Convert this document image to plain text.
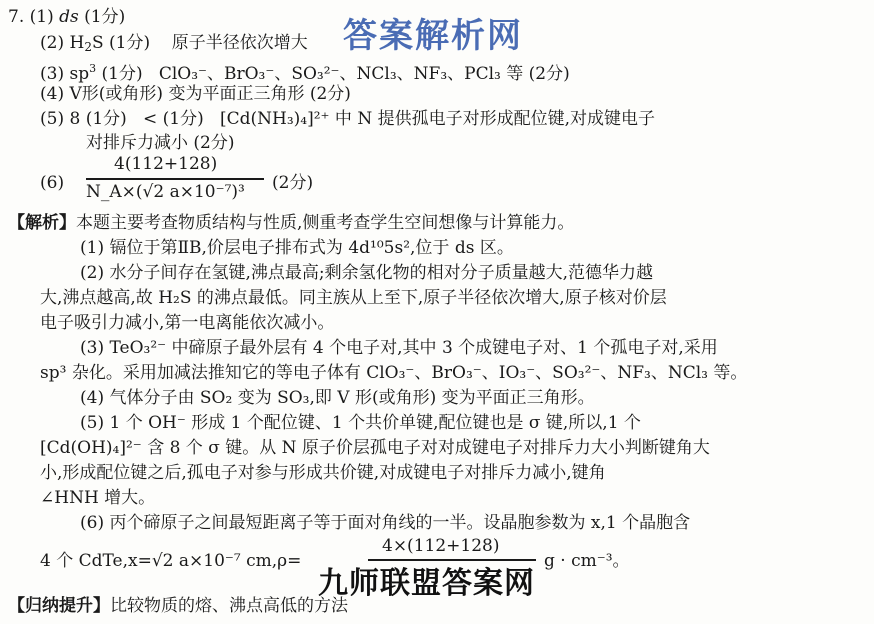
7. (1) ds (1分)
(2) $H_2S$ (1分) 原子半径依次增大
(3) $sp^3$ (1分) ClO₃⁻、BrO₃⁻、SO₃²⁻、NCl₃、NF₃、PCl₃ 等 (2分)
(4) V形(或角形) 变为平面正三角形 (2分)
(5) 8 (1分) < (1分) [Cd(NH₃)₄]²⁺ 中 N 提供孤电子对形成配位键,对成键电子
对排斥力减小 (2分)
(6)
4(112+128)
N_A×(√2 a×10⁻⁷)³ (2分)
【解析】本题主要考查物质结构与性质,侧重考查学生空间想像与计算能力。
(1) 镉位于第ⅡB,价层电子排布式为 4d¹⁰5s²,位于 ds 区。
(2) 水分子间存在氢键,沸点最高;剩余氢化物的相对分子质量越大,范德华力越
大,沸点越高,故 H₂S 的沸点最低。同主族从上至下,原子半径依次增大,原子核对价层
电子吸引力减小,第一电离能依次减小。
(3) TeO₃²⁻ 中碲原子最外层有 4 个电子对,其中 3 个成键电子对、1 个孤电子对,采用
sp³ 杂化。采用加减法推知它的等电子体有 ClO₃⁻、BrO₃⁻、IO₃⁻、SO₃²⁻、NF₃、NCl₃ 等。
(4) 气体分子由 SO₂ 变为 SO₃,即 V 形(或角形) 变为平面正三角形。
(5) 1 个 OH⁻ 形成 1 个配位键、1 个共价单键,配位键也是 σ 键,所以,1 个
[Cd(OH)₄]²⁻ 含 8 个 σ 键。从 N 原子价层孤电子对对成键电子对排斥力大小判断键角大
小,形成配位键之后,孤电子对参与形成共价键,对成键电子对排斥力减小,键角
∠HNH 增大。
(6) 丙个碲原子之间最短距离子等于面对角线的一半。设晶胞参数为 x,1 个晶胞含
4 个 CdTe,x=√2 a×10⁻⁷ cm,ρ=
4×(112+128)
g · cm⁻³。
【归纳提升】比较物质的熔、沸点高低的方法
答案解析网
九师联盟答案网
